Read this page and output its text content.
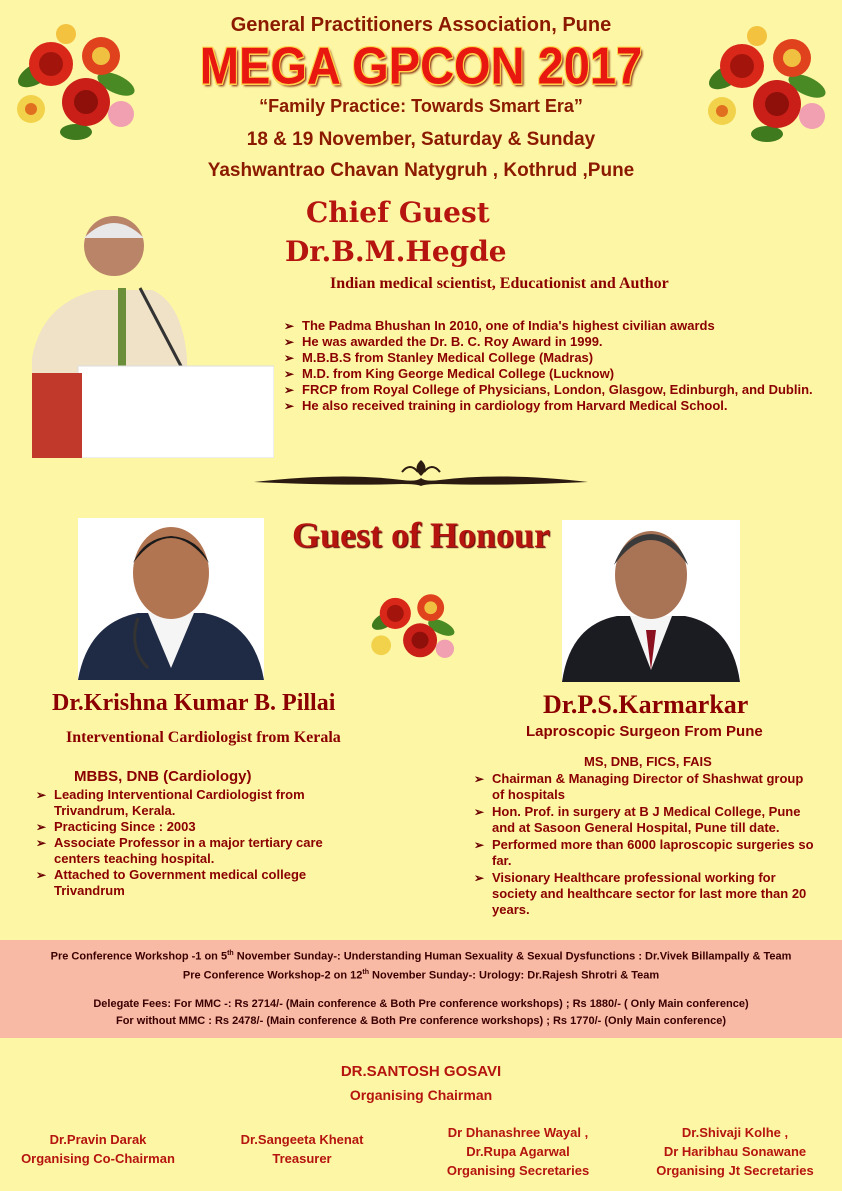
General Practitioners Association, Pune
MEGA GPCON 2017
“Family Practice: Towards Smart Era”
18 & 19 November, Saturday & Sunday
Yashwantrao Chavan Natygruh , Kothrud ,Pune
Chief Guest
Dr.B.M.Hegde
Indian medical scientist, Educationist and Author
➢ The Padma Bhushan In 2010, one of India's highest civilian awards
➢ He was awarded the Dr. B. C. Roy Award in 1999.
➢ M.B.B.S from Stanley Medical College (Madras)
➢ M.D. from King George Medical College (Lucknow)
➢ FRCP from Royal College of Physicians, London, Glasgow, Edinburgh, and Dublin.
➢ He also received training in cardiology from Harvard Medical School.
Guest of Honour
Dr.Krishna Kumar B. Pillai
Interventional Cardiologist from Kerala
MBBS, DNB (Cardiology)
➢ Leading Interventional Cardiologist from Trivandrum, Kerala.
➢ Practicing Since : 2003
➢ Associate Professor in a major tertiary care centers teaching hospital.
➢ Attached to Government medical college Trivandrum
Dr.P.S.Karmarkar
Laproscopic Surgeon From Pune
MS, DNB, FICS, FAIS
➢ Chairman & Managing Director of Shashwat group of hospitals
➢ Hon. Prof. in surgery at B J Medical College, Pune and at Sasoon General Hospital, Pune till date.
➢ Performed more than 6000 laproscopic surgeries so far.
➢ Visionary Healthcare professional working for society and healthcare sector for last more than 20 years.
Pre Conference Workshop -1 on 5th November Sunday-: Understanding Human Sexuality & Sexual Dysfunctions : Dr.Vivek Billampally & Team
Pre Conference Workshop-2 on 12th November Sunday-: Urology: Dr.Rajesh Shrotri & Team
Delegate Fees: For MMC -: Rs 2714/- (Main conference & Both Pre conference workshops) ; Rs 1880/- ( Only Main conference)
For without MMC : Rs 2478/- (Main conference & Both Pre conference workshops) ; Rs 1770/- (Only Main conference)
DR.SANTOSH GOSAVI
Organising Chairman
Dr.Pravin Darak
Organising Co-Chairman
Dr.Sangeeta Khenat
Treasurer
Dr Dhanashree Wayal ,
Dr.Rupa Agarwal
Organising Secretaries
Dr.Shivaji Kolhe ,
Dr Haribhau Sonawane
Organising Jt Secretaries
